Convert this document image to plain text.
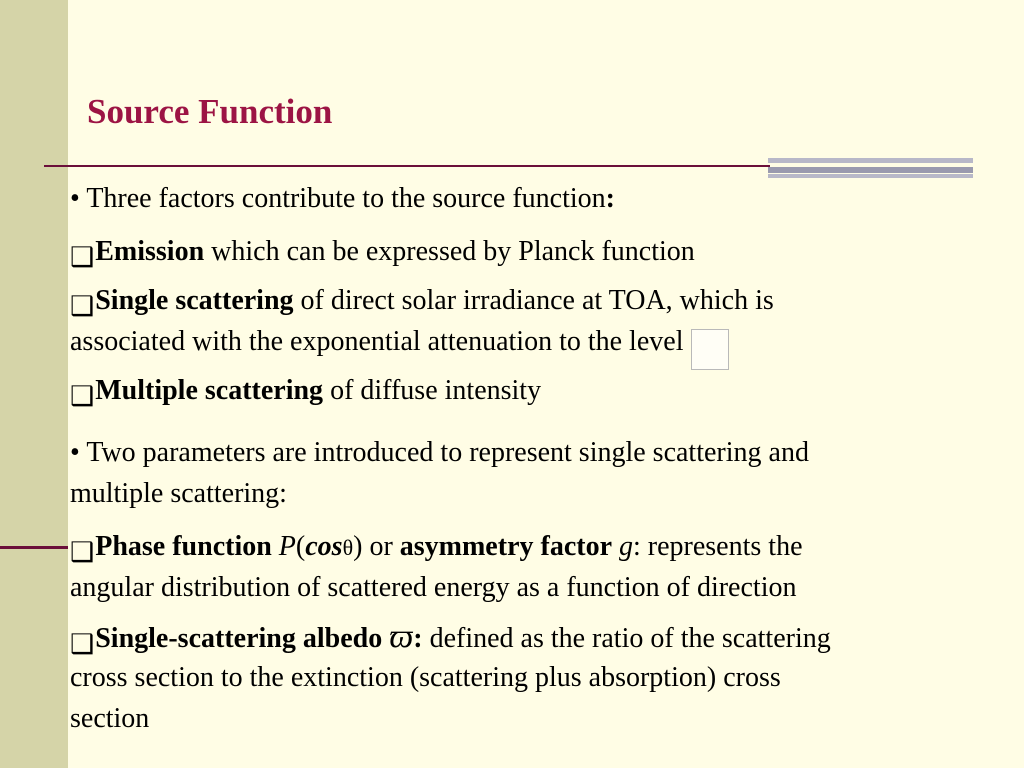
Source Function

• Three factors contribute to the source function:

❑Emission which can be expressed by Planck function

❑Single scattering of direct solar irradiance at TOA, which is

associated with the exponential attenuation to the level

❑Multiple scattering of diffuse intensity

• Two parameters are introduced to represent single scattering and

multiple scattering:

❑Phase function P(cosθ) or asymmetry factor g: represents the

angular distribution of scattered energy as a function of direction

❑Single-scattering albedo ϖ: defined as the ratio of the scattering

cross section to the extinction (scattering plus absorption) cross

section
